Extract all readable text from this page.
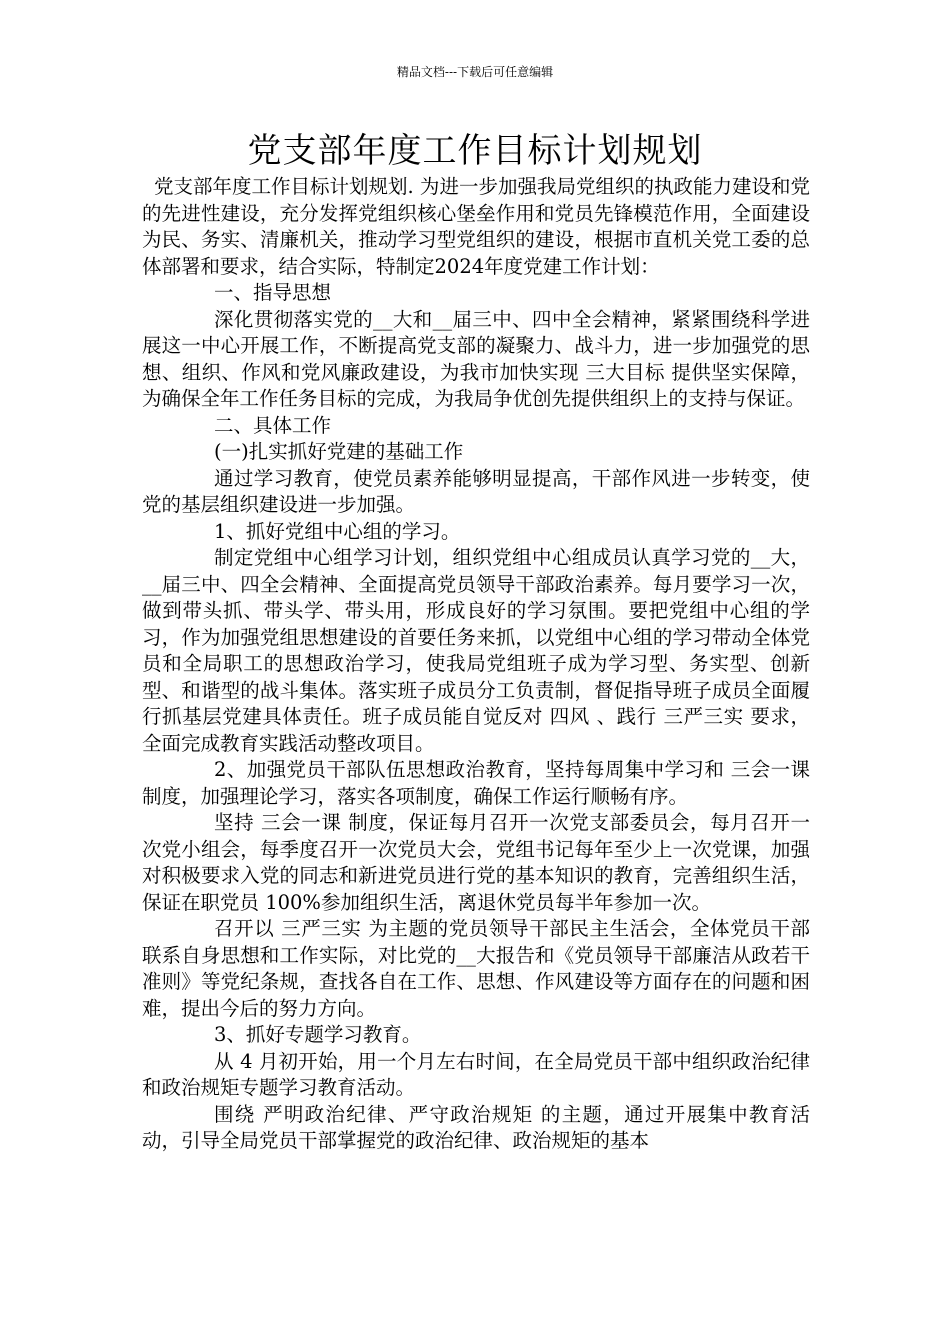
精品文档---下载后可任意编辑
党支部年度工作目标计划规划

党支部年度工作目标计划规划. 为进一步加强我局党组织的执政能力建设和党的先进性建设，充分发挥党组织核心堡垒作用和党员先锋模范作用，全面建设为民、务实、清廉机关，推动学习型党组织的建设，根据市直机关党工委的总体部署和要求，结合实际，特制定2024年度党建工作计划：

一、指导思想

深化贯彻落实党的__大和__届三中、四中全会精神，紧紧围绕科学进展这一中心开展工作，不断提高党支部的凝聚力、战斗力，进一步加强党的思想、组织、作风和党风廉政建设，为我市加快实现 三大目标 提供坚实保障，为确保全年工作任务目标的完成，为我局争优创先提供组织上的支持与保证。

二、具体工作

(一)扎实抓好党建的基础工作

通过学习教育，使党员素养能够明显提高，干部作风进一步转变，使党的基层组织建设进一步加强。

1、抓好党组中心组的学习。

制定党组中心组学习计划，组织党组中心组成员认真学习党的__大，__届三中、四全会精神、全面提高党员领导干部政治素养。每月要学习一次，做到带头抓、带头学、带头用，形成良好的学习氛围。要把党组中心组的学习，作为加强党组思想建设的首要任务来抓，以党组中心组的学习带动全体党员和全局职工的思想政治学习，使我局党组班子成为学习型、务实型、创新型、和谐型的战斗集体。落实班子成员分工负责制，督促指导班子成员全面履行抓基层党建具体责任。班子成员能自觉反对 四风 、践行 三严三实 要求，全面完成教育实践活动整改项目。

2、加强党员干部队伍思想政治教育，坚持每周集中学习和 三会一课 制度，加强理论学习，落实各项制度，确保工作运行顺畅有序。

坚持 三会一课 制度，保证每月召开一次党支部委员会，每月召开一次党小组会，每季度召开一次党员大会，党组书记每年至少上一次党课，加强对积极要求入党的同志和新进党员进行党的基本知识的教育，完善组织生活，保证在职党员 100%参加组织生活，离退休党员每半年参加一次。

召开以 三严三实 为主题的党员领导干部民主生活会，全体党员干部联系自身思想和工作实际，对比党的__大报告和《党员领导干部廉洁从政若干准则》等党纪条规，查找各自在工作、思想、作风建设等方面存在的问题和困难，提出今后的努力方向。

3、抓好专题学习教育。

从 4 月初开始，用一个月左右时间，在全局党员干部中组织政治纪律和政治规矩专题学习教育活动。

围绕 严明政治纪律、严守政治规矩 的主题，通过开展集中教育活动，引导全局党员干部掌握党的政治纪律、政治规矩的基本
